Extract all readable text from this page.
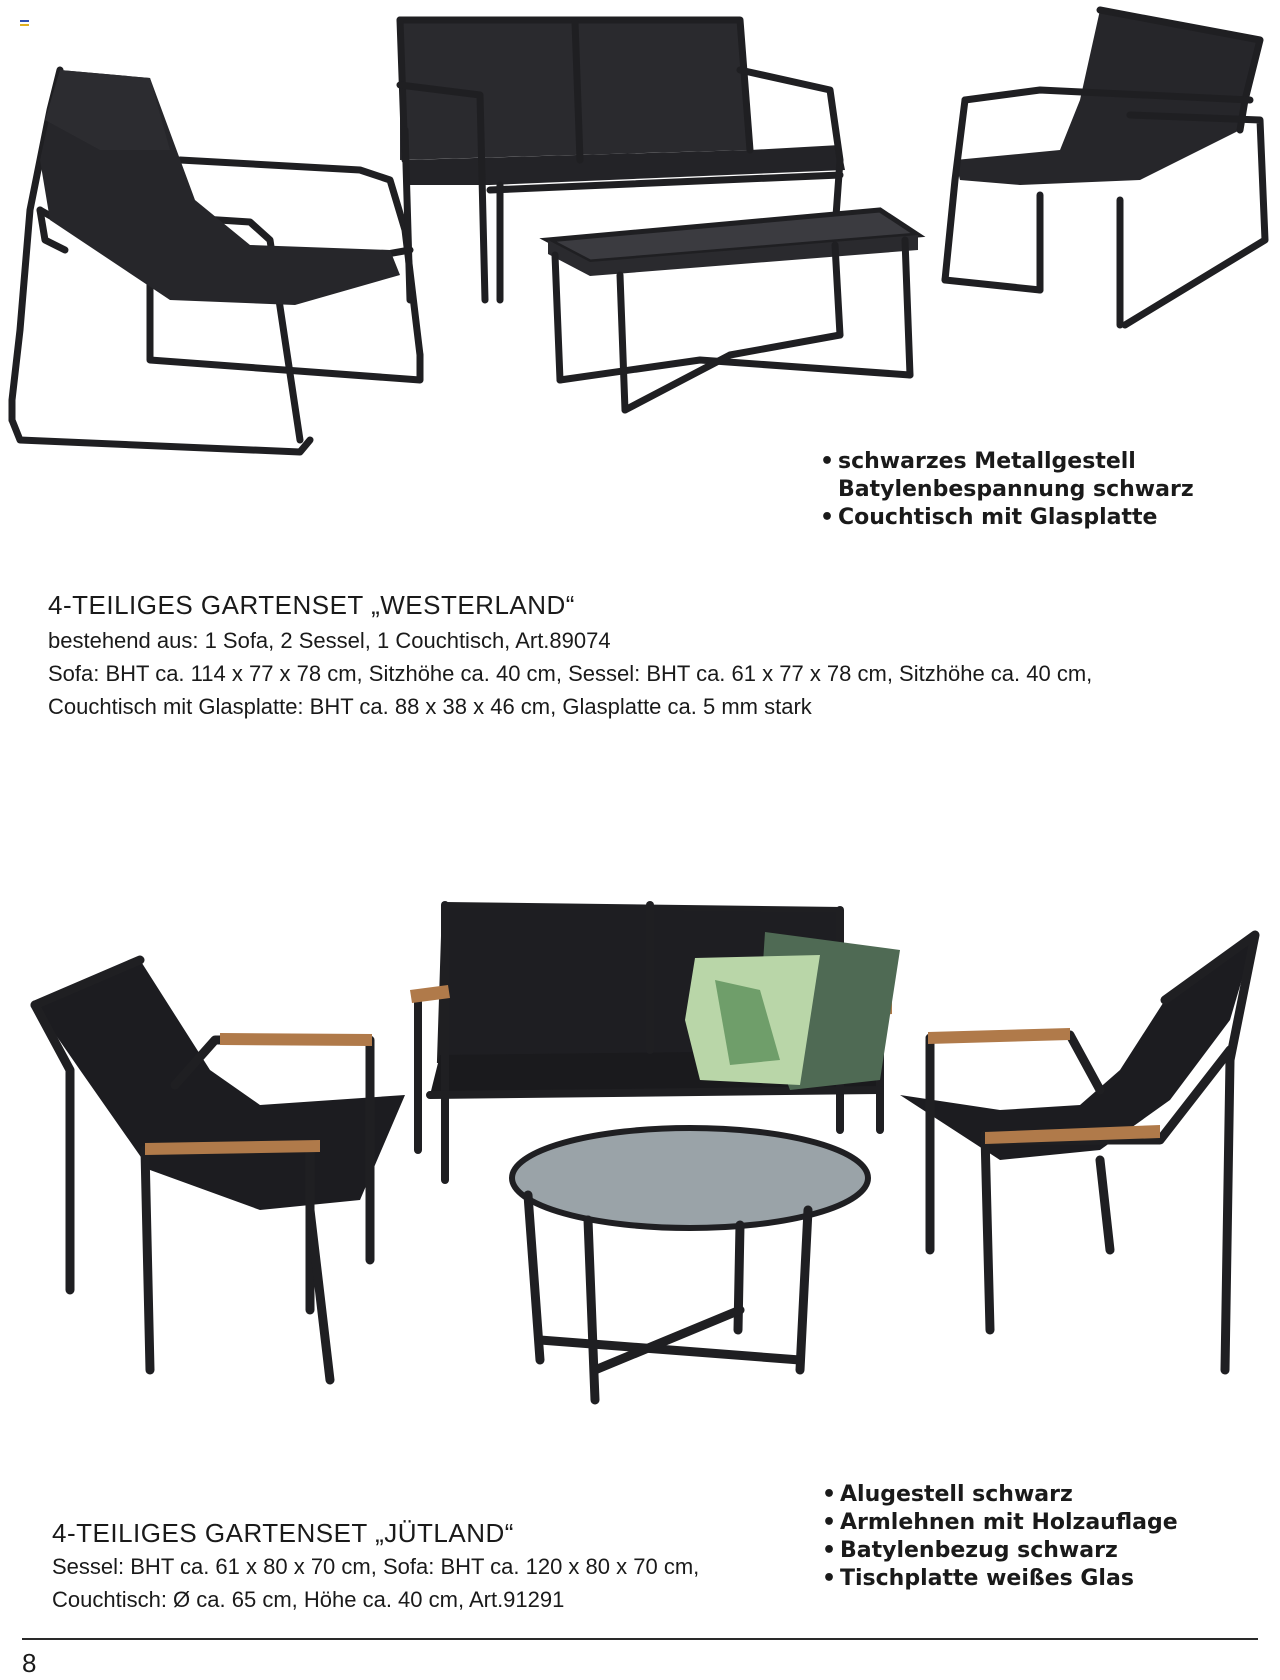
• schwarzes Metallgestell
Batylenbespannung schwarz
• Couchtisch mit Glasplatte
4-TEILIGES GARTENSET „WESTERLAND“
bestehend aus: 1 Sofa, 2 Sessel, 1 Couchtisch, Art.89074
Sofa: BHT ca. 114 x 77 x 78 cm, Sitzhöhe ca. 40 cm, Sessel: BHT ca. 61 x 77 x 78 cm, Sitzhöhe ca. 40 cm,
Couchtisch mit Glasplatte: BHT ca. 88 x 38 x 46 cm, Glasplatte ca. 5 mm stark
• Alugestell schwarz
• Armlehnen mit Holzauflage
• Batylenbezug schwarz
• Tischplatte weißes Glas
4-TEILIGES GARTENSET „JÜTLAND“
Sessel: BHT ca. 61 x 80 x 70 cm, Sofa: BHT ca. 120 x 80 x 70 cm,
Couchtisch: Ø ca. 65 cm, Höhe ca. 40 cm, Art.91291
8
